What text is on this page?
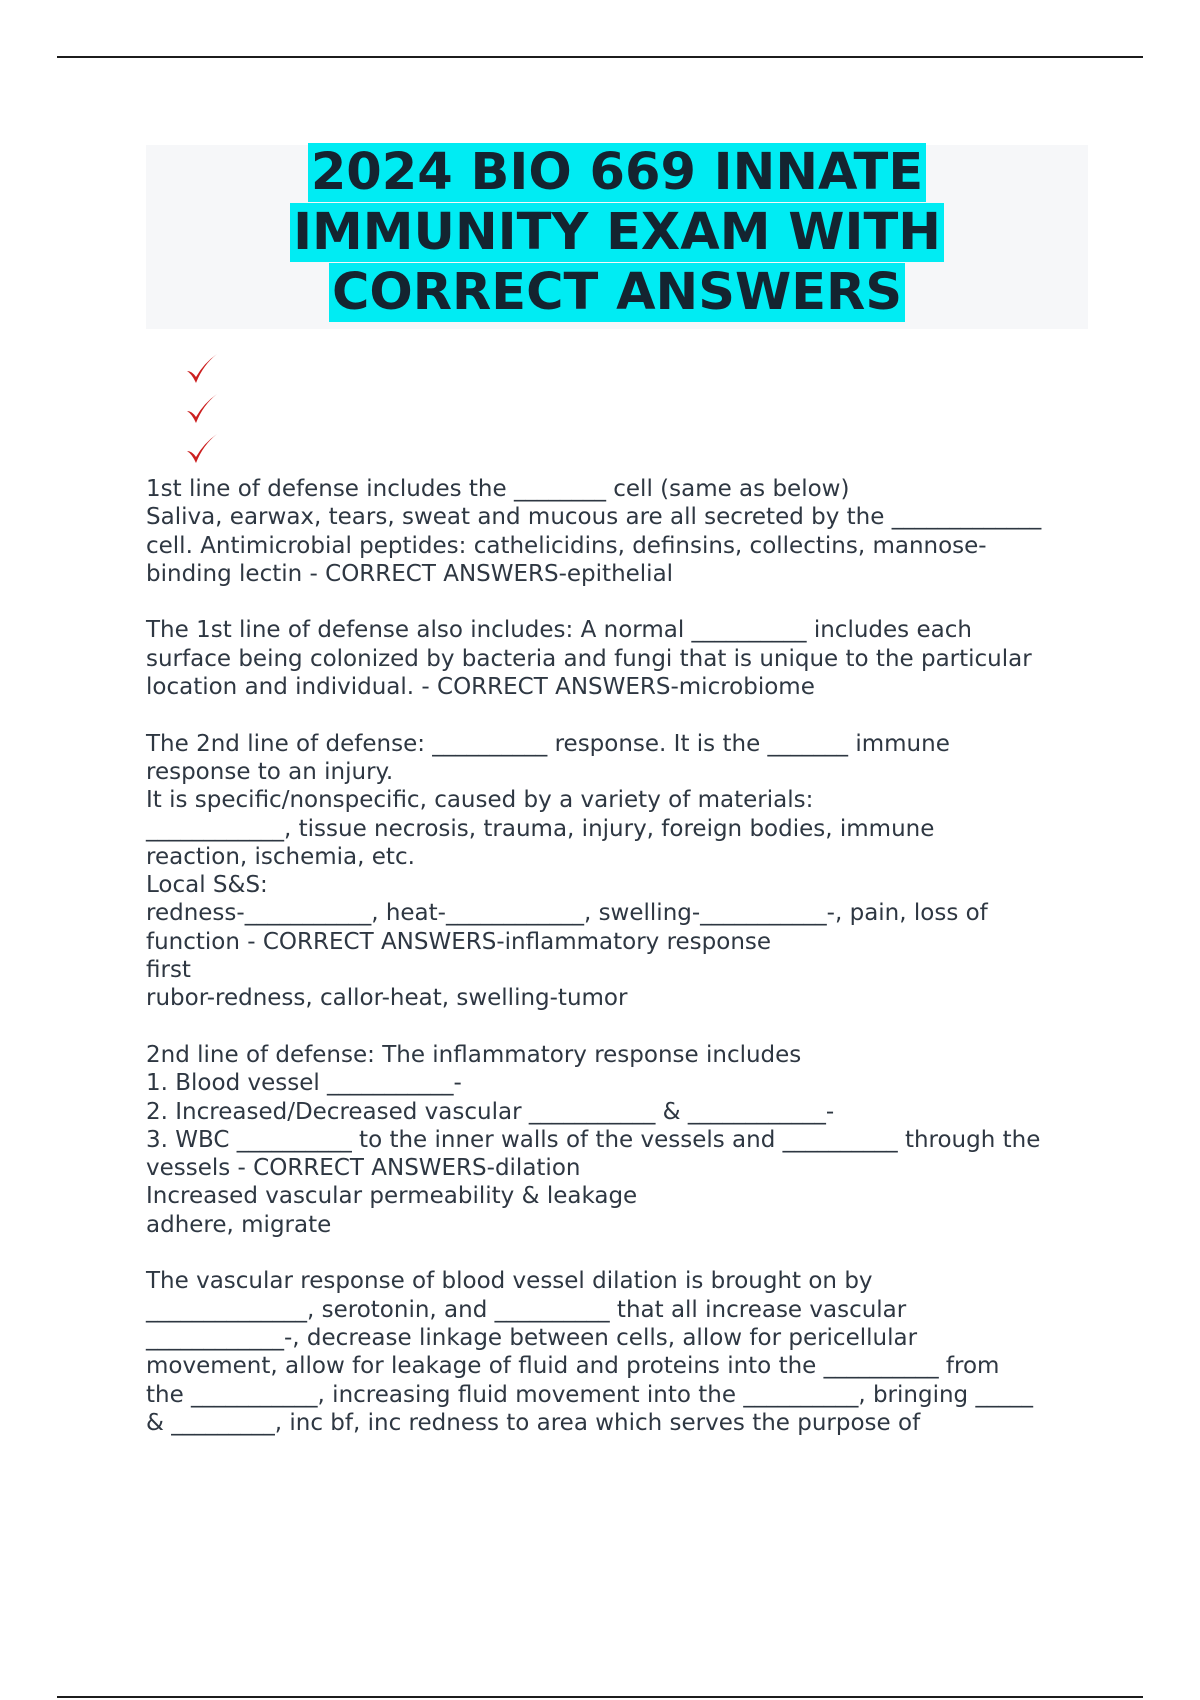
2024 BIO 669 INNATE
IMMUNITY EXAM WITH
CORRECT ANSWERS
1st line of defense includes the ________ cell (same as below)
Saliva, earwax, tears, sweat and mucous are all secreted by the _____________
cell. Antimicrobial peptides: cathelicidins, definsins, collectins, mannose-
binding lectin - CORRECT ANSWERS-epithelial
The 1st line of defense also includes: A normal __________ includes each
surface being colonized by bacteria and fungi that is unique to the particular
location and individual. - CORRECT ANSWERS-microbiome
The 2nd line of defense: __________ response. It is the _______ immune
response to an injury.
It is specific/nonspecific, caused by a variety of materials:
____________, tissue necrosis, trauma, injury, foreign bodies, immune
reaction, ischemia, etc.
Local S&S:
redness-___________, heat-____________, swelling-___________-, pain, loss of
function - CORRECT ANSWERS-inflammatory response
first
rubor-redness, callor-heat, swelling-tumor
2nd line of defense: The inflammatory response includes
1. Blood vessel ___________-
2. Increased/Decreased vascular ___________ & ____________-
3. WBC __________ to the inner walls of the vessels and __________ through the
vessels - CORRECT ANSWERS-dilation
Increased vascular permeability & leakage
adhere, migrate
The vascular response of blood vessel dilation is brought on by
______________, serotonin, and __________ that all increase vascular
____________-, decrease linkage between cells, allow for pericellular
movement, allow for leakage of fluid and proteins into the __________ from
the ___________, increasing fluid movement into the __________, bringing _____
& _________, inc bf, inc redness to area which serves the purpose of
